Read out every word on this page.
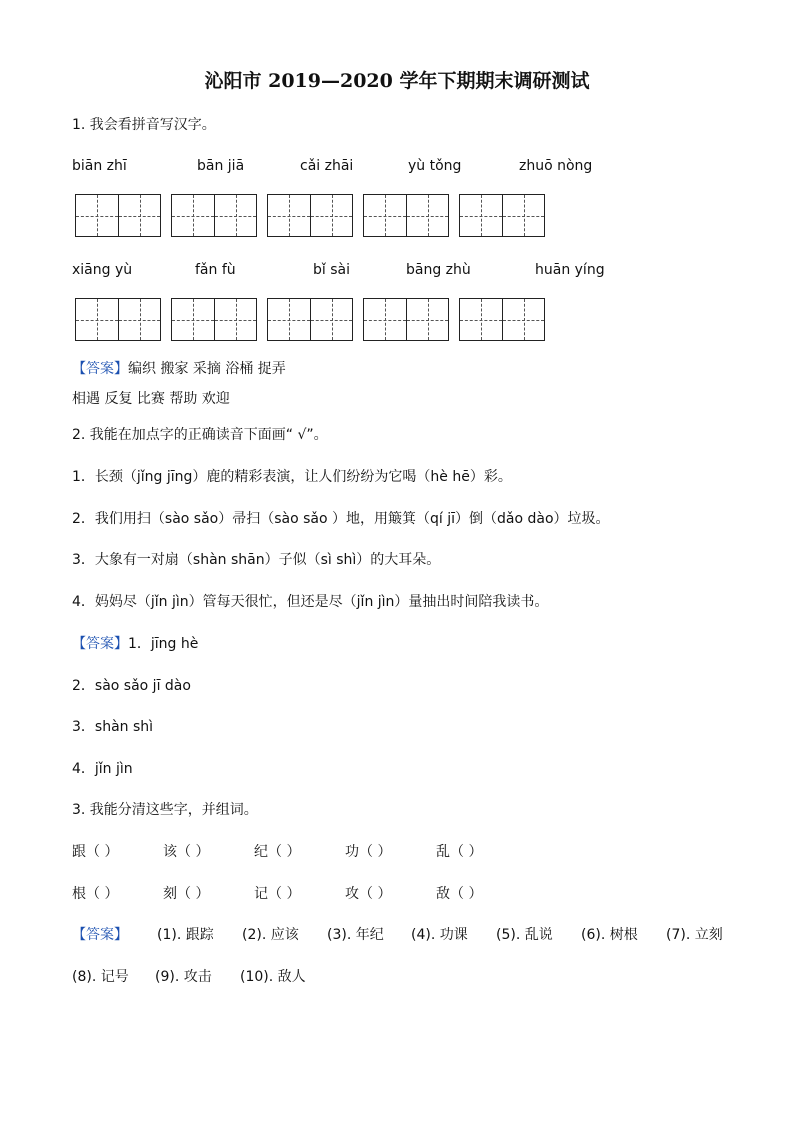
沁阳市 2019—2020 学年下期期末调研测试
1. 我会看拼音写汉字。
biān zhī	bān jiā	cǎi zhāi	yù tǒng	zhuō nòng
xiāng yù	fǎn fù	bǐ sài	bāng zhù	huān yíng
【答案】编织 搬家 采摘 浴桶 捉弄
相遇 反复 比赛 帮助 欢迎
2. 我能在加点字的正确读音下面画“ √”。
1．长颈（jǐng jīng）鹿的精彩表演，让人们纷纷为它喝（hè hē）彩。
2．我们用扫（sào sǎo）帚扫（sào sǎo ）地，用簸箕（qí jī）倒（dǎo dào）垃圾。
3．大象有一对扇（shàn shān）子似（sì shì）的大耳朵。
4．妈妈尽（jǐn jìn）管每天很忙，但还是尽（jǐn jìn）量抽出时间陪我读书。
【答案】1．jīng hè
2．sào sǎo jī dào
3．shàn shì
4．jǐn jìn
3. 我能分清这些字，并组词。
跟（ ）	该（ ）	纪（ ）	功（ ）	乱（ ）
根（ ）	刻（ ）	记（ ）	攻（ ）	敌（ ）
【答案】 (1). 跟踪 (2). 应该 (3). 年纪 (4). 功课 (5). 乱说 (6). 树根 (7). 立刻
(8). 记号 (9). 攻击 (10). 敌人
